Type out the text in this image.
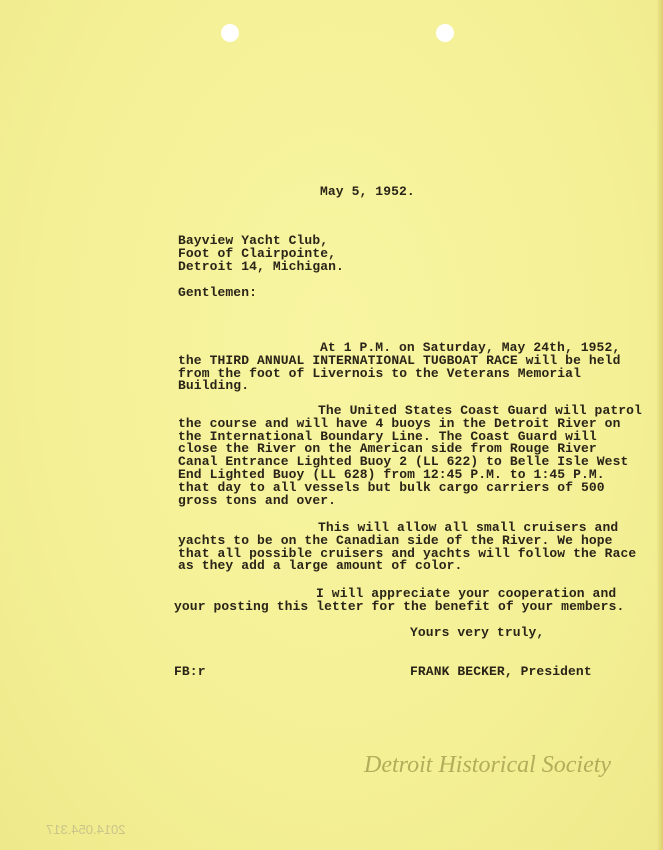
May 5, 1952.
Bayview Yacht Club,
Foot of Clairpointe,
Detroit 14, Michigan.
Gentlemen:
At 1 P.M. on Saturday, May 24th, 1952,
the THIRD ANNUAL INTERNATIONAL TUGBOAT RACE will be held
from the foot of Livernois to the Veterans Memorial
Building.
The United States Coast Guard will patrol
the course and will have 4 buoys in the Detroit River on
the International Boundary Line. The Coast Guard will
close the River on the American side from Rouge River
Canal Entrance Lighted Buoy 2 (LL 622) to Belle Isle West
End Lighted Buoy (LL 628) from 12:45 P.M. to 1:45 P.M.
that day to all vessels but bulk cargo carriers of 500
gross tons and over.
This will allow all small cruisers and
yachts to be on the Canadian side of the River. We hope
that all possible cruisers and yachts will follow the Race
as they add a large amount of color.
I will appreciate your cooperation and
your posting this letter for the benefit of your members.
Yours very truly,
FB:r	FRANK BECKER, President
Detroit Historical Society
2014.054.317
